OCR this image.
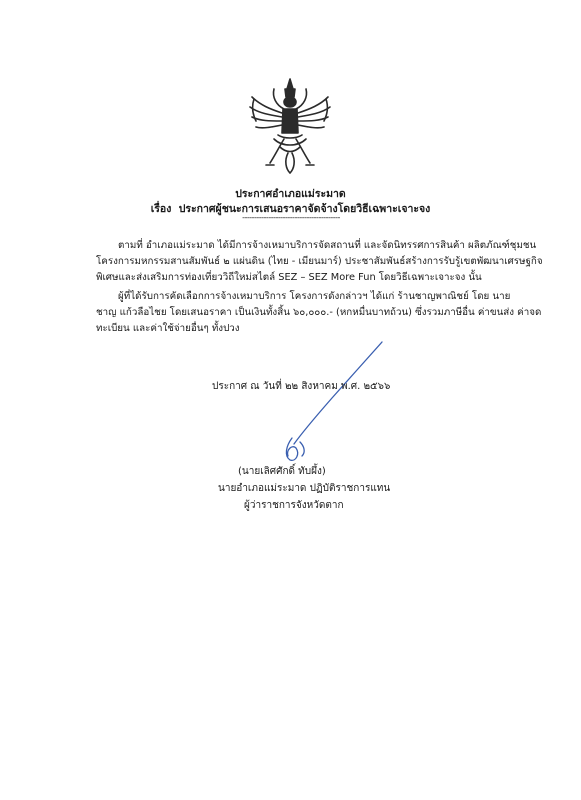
ประกาศอำเภอแม่ระมาด
เรื่อง ประกาศผู้ชนะการเสนอราคาจัดจ้างโดยวิธีเฉพาะเจาะจง
-----------------------------------------
ตามที่ อำเภอแม่ระมาด ได้มีการจ้างเหมาบริการจัดสถานที่ และจัดนิทรรศการสินค้า ผลิตภัณฑ์ชุมชน
โครงการมหกรรมสานสัมพันธ์ ๒ แผ่นดิน (ไทย - เมียนมาร์) ประชาสัมพันธ์สร้างการรับรู้เขตพัฒนาเศรษฐกิจ
พิเศษและส่งเสริมการท่องเที่ยววิถีใหม่สไตล์ SEZ – SEZ More Fun โดยวิธีเฉพาะเจาะจง นั้น
ผู้ที่ได้รับการคัดเลือกการจ้างเหมาบริการ โครงการดังกล่าวฯ ได้แก่ ร้านชาญพาณิชย์ โดย นาย
ชาญ แก้วลือไชย โดยเสนอราคา เป็นเงินทั้งสิ้น ๖๐,๐๐๐.- (หกหมื่นบาทถ้วน) ซึ่งรวมภาษีอื่น ค่าขนส่ง ค่าจด
ทะเบียน และค่าใช้จ่ายอื่นๆ ทั้งปวง
ประกาศ ณ วันที่ ๒๒ สิงหาคม พ.ศ. ๒๕๖๖
(นายเลิศศักดิ์ ทับผึ้ง)
นายอำเภอแม่ระมาด ปฏิบัติราชการแทน
ผู้ว่าราชการจังหวัดตาก
